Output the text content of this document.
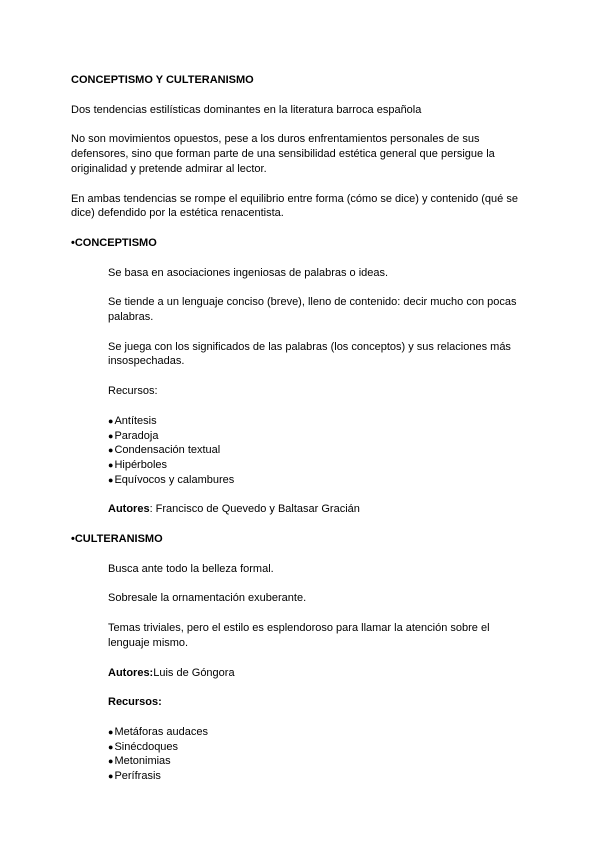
CONCEPTISMO Y CULTERANISMO

Dos tendencias estilísticas dominantes en la literatura barroca española

No son movimientos opuestos, pese a los duros enfrentamientos personales de sus defensores, sino que forman parte de una sensibilidad estética general que persigue la originalidad y pretende admirar al lector.

En ambas tendencias se rompe el equilibrio entre forma (cómo se dice) y contenido (qué se dice) defendido por la estética renacentista.

•CONCEPTISMO

Se basa en asociaciones ingeniosas de palabras o ideas.

Se tiende a un lenguaje conciso (breve), lleno de contenido: decir mucho con pocas palabras.

Se juega con los significados de las palabras (los conceptos) y sus relaciones más insospechadas.

Recursos:

● Antítesis
● Paradoja
● Condensación textual
● Hipérboles
● Equívocos y calambures

Autores: Francisco de Quevedo y Baltasar Gracián

•CULTERANISMO

Busca ante todo la belleza formal.

Sobresale la ornamentación exuberante.

Temas triviales, pero el estilo es esplendoroso para llamar la atención sobre el lenguaje mismo.

Autores:Luis de Góngora

Recursos:

● Metáforas audaces
● Sinécdoques
● Metonimias
● Perífrasis
